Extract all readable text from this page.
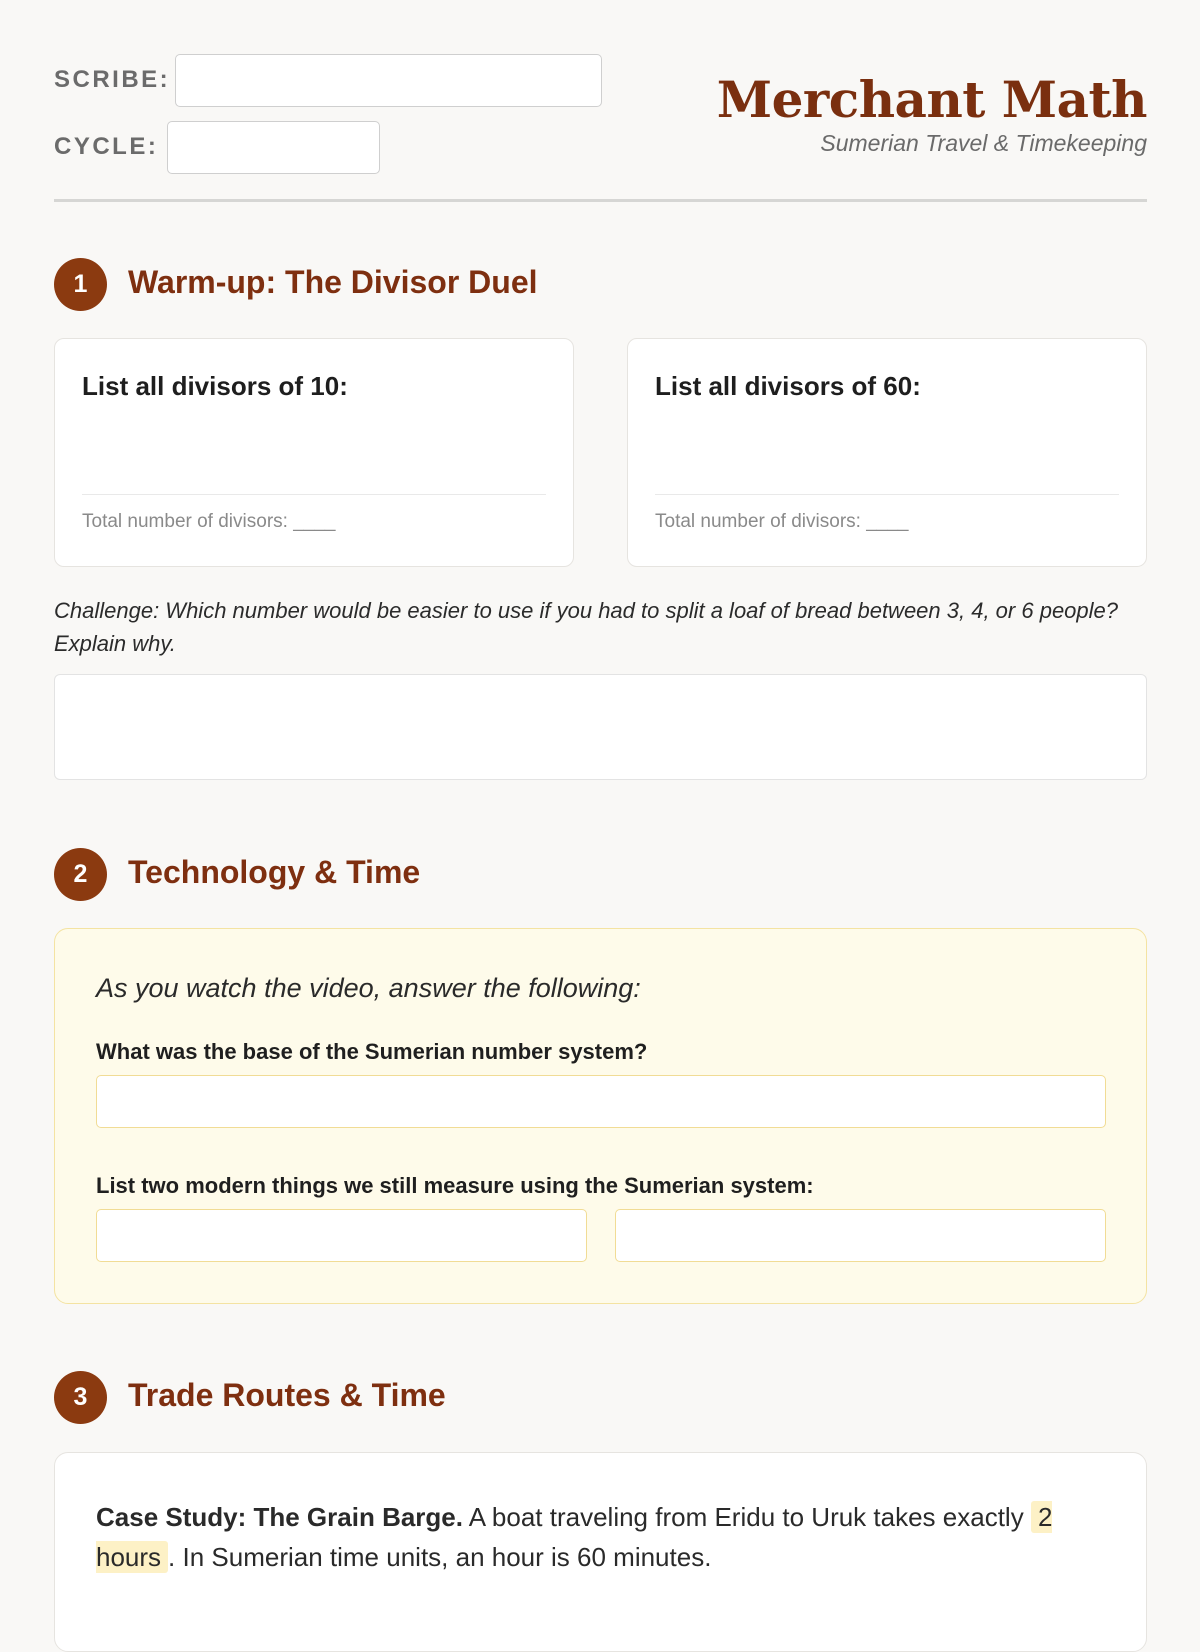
SCRIBE:
CYCLE:
Merchant Math
Sumerian Travel & Timekeeping
1	Warm-up: The Divisor Duel
List all divisors of 10:
Total number of divisors: ____
List all divisors of 60:
Total number of divisors: ____
Challenge: Which number would be easier to use if you had to split a loaf of bread between 3, 4, or 6 people? Explain why.
2	Technology & Time
As you watch the video, answer the following:
What was the base of the Sumerian number system?
List two modern things we still measure using the Sumerian system:
3	Trade Routes & Time
Case Study: The Grain Barge. A boat traveling from Eridu to Uruk takes exactly 2 hours . In Sumerian time units, an hour is 60 minutes.
